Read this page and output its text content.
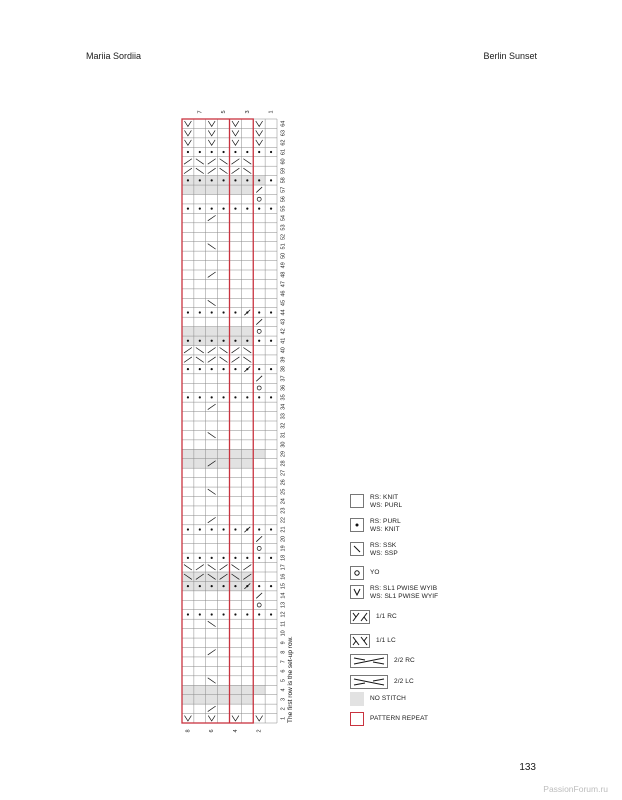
Mariia Sordiia	Berlin Sunset
1
2
3
4
5
6
7
8
9
10
11
12
13
14
15
16
17
18
19
20
21
22
23
24
25
26
27
28
29
30
31
32
33
34
35
36
37
38
39
40
41
42
43
44
45
46
47
48
49
50
51
52
53
54
55
56
57
58
59
60
61
62
63
64
7	5	3	1
8	6	4	2
The first row is the set-up row.
RS: KNIT
WS: PURL
RS: PURL
WS: KNIT
RS: SSK
WS: SSP
YO
RS: SL1 PWISE WYIB
WS: SL1 PWISE WYIF
1/1 RC
1/1 LC
2/2 RC
2/2 LC
NO STITCH
PATTERN REPEAT
133
PassionForum.ru
